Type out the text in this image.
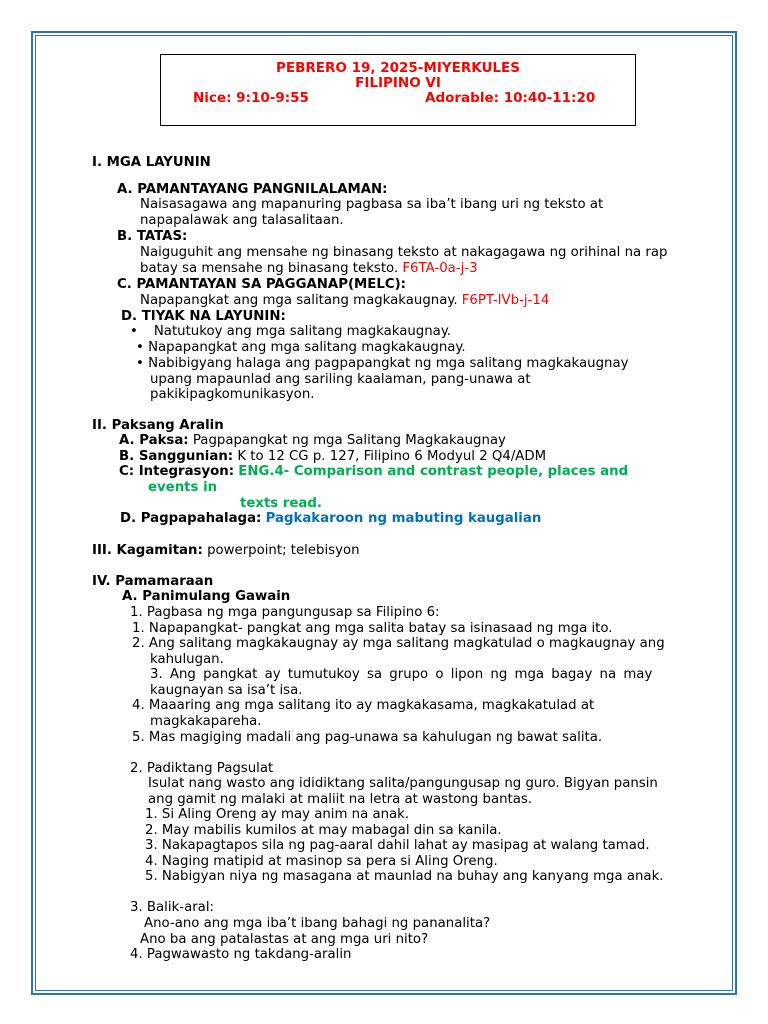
PEBRERO 19, 2025-MIYERKULES
FILIPINO VI
Nice: 9:10-9:55	Adorable: 10:40-11:20
I. MGA LAYUNIN
A. PAMANTAYANG PANGNILALAMAN:
Naisasagawa ang mapanuring pagbasa sa iba’t ibang uri ng teksto at
napapalawak ang talasalitaan.
B. TATAS:
Naiguguhit ang mensahe ng binasang teksto at nakagagawa ng orihinal na rap
batay sa mensahe ng binasang teksto. F6TA-0a-j-3
C. PAMANTAYAN SA PAGGANAP(MELC):
Napapangkat ang mga salitang magkakaugnay. F6PT-IVb-j-14
D. TIYAK NA LAYUNIN:
• Natutukoy ang mga salitang magkakaugnay.
• Napapangkat ang mga salitang magkakaugnay.
• Nabibigyang halaga ang pagpapangkat ng mga salitang magkakaugnay
upang mapaunlad ang sariling kaalaman, pang-unawa at
pakikipagkomunikasyon.
II. Paksang Aralin
A. Paksa: Pagpapangkat ng mga Salitang Magkakaugnay
B. Sanggunian: K to 12 CG p. 127, Filipino 6 Modyul 2 Q4/ADM
C: Integrasyon: ENG.4- Comparison and contrast people, places and
events in
texts read.
D. Pagpapahalaga: Pagkakaroon ng mabuting kaugalian
III. Kagamitan: powerpoint; telebisyon
IV. Pamamaraan
A. Panimulang Gawain
1. Pagbasa ng mga pangungusap sa Filipino 6:
1. Napapangkat- pangkat ang mga salita batay sa isinasaad ng mga ito.
2. Ang salitang magkakaugnay ay mga salitang magkatulad o magkaugnay ang
kahulugan.
3. Ang pangkat ay tumutukoy sa grupo o lipon ng mga bagay na may
kaugnayan sa isa’t isa.
4. Maaaring ang mga salitang ito ay magkakasama, magkakatulad at
magkakapareha.
5. Mas magiging madali ang pag-unawa sa kahulugan ng bawat salita.
2. Padiktang Pagsulat
Isulat nang wasto ang ididiktang salita/pangungusap ng guro. Bigyan pansin
ang gamit ng malaki at maliit na letra at wastong bantas.
1. Si Aling Oreng ay may anim na anak.
2. May mabilis kumilos at may mabagal din sa kanila.
3. Nakapagtapos sila ng pag-aaral dahil lahat ay masipag at walang tamad.
4. Naging matipid at masinop sa pera si Aling Oreng.
5. Nabigyan niya ng masagana at maunlad na buhay ang kanyang mga anak.
3. Balik-aral:
Ano-ano ang mga iba’t ibang bahagi ng pananalita?
Ano ba ang patalastas at ang mga uri nito?
4. Pagwawasto ng takdang-aralin
